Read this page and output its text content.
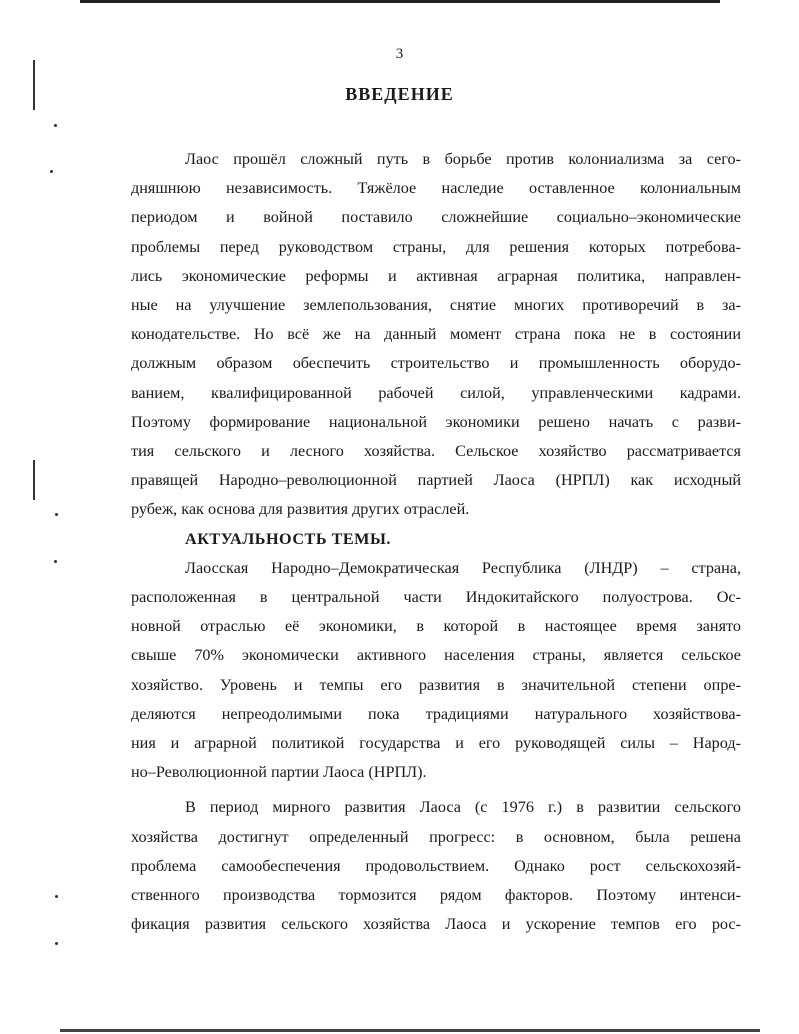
3
ВВЕДЕНИЕ
Лаос прошёл сложный путь в борьбе против колониализма за сего-
дняшнюю независимость. Тяжёлое наследие оставленное колониальным
периодом и войной поставило сложнейшие социально–экономические
проблемы перед руководством страны, для решения которых потребова-
лись экономические реформы и активная аграрная политика, направлен-
ные на улучшение землепользования, снятие многих противоречий в за-
конодательстве. Но всё же на данный момент страна пока не в состоянии
должным образом обеспечить строительство и промышленность оборудо-
ванием, квалифицированной рабочей силой, управленческими кадрами.
Поэтому формирование национальной экономики решено начать с разви-
тия сельского и лесного хозяйства. Сельское хозяйство рассматривается
правящей Народно–революционной партией Лаоса (НРПЛ) как исходный
рубеж, как основа для развития других отраслей.
АКТУАЛЬНОСТЬ ТЕМЫ.
Лаосская Народно–Демократическая Республика (ЛНДР) – страна,
расположенная в центральной части Индокитайского полуострова. Ос-
новной отраслью её экономики, в которой в настоящее время занято
свыше 70% экономически активного населения страны, является сельское
хозяйство. Уровень и темпы его развития в значительной степени опре-
деляются непреодолимыми пока традициями натурального хозяйствова-
ния и аграрной политикой государства и его руководящей силы – Народ-
но–Революционной партии Лаоса (НРПЛ).
В период мирного развития Лаоса (с 1976 г.) в развитии сельского
хозяйства достигнут определенный прогресс: в основном, была решена
проблема самообеспечения продовольствием. Однако рост сельскохозяй-
ственного производства тормозится рядом факторов. Поэтому интенси-
фикация развития сельского хозяйства Лаоса и ускорение темпов его рос-
